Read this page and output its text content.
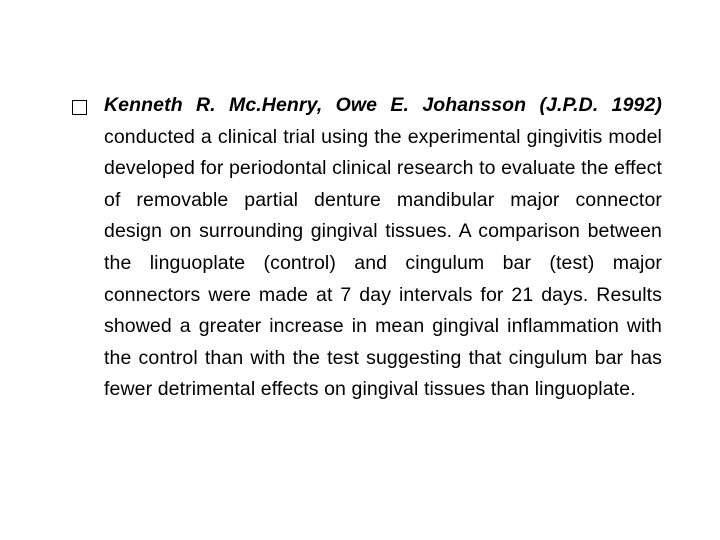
Kenneth R. Mc.Henry, Owe E. Johansson (J.P.D. 1992) conducted a clinical trial using the experimental gingivitis model developed for periodontal clinical research to evaluate the effect of removable partial denture mandibular major connector design on surrounding gingival tissues. A comparison between the linguoplate (control) and cingulum bar (test) major connectors were made at 7 day intervals for 21 days. Results showed a greater increase in mean gingival inflammation with the control than with the test suggesting that cingulum bar has fewer detrimental effects on gingival tissues than linguoplate.
